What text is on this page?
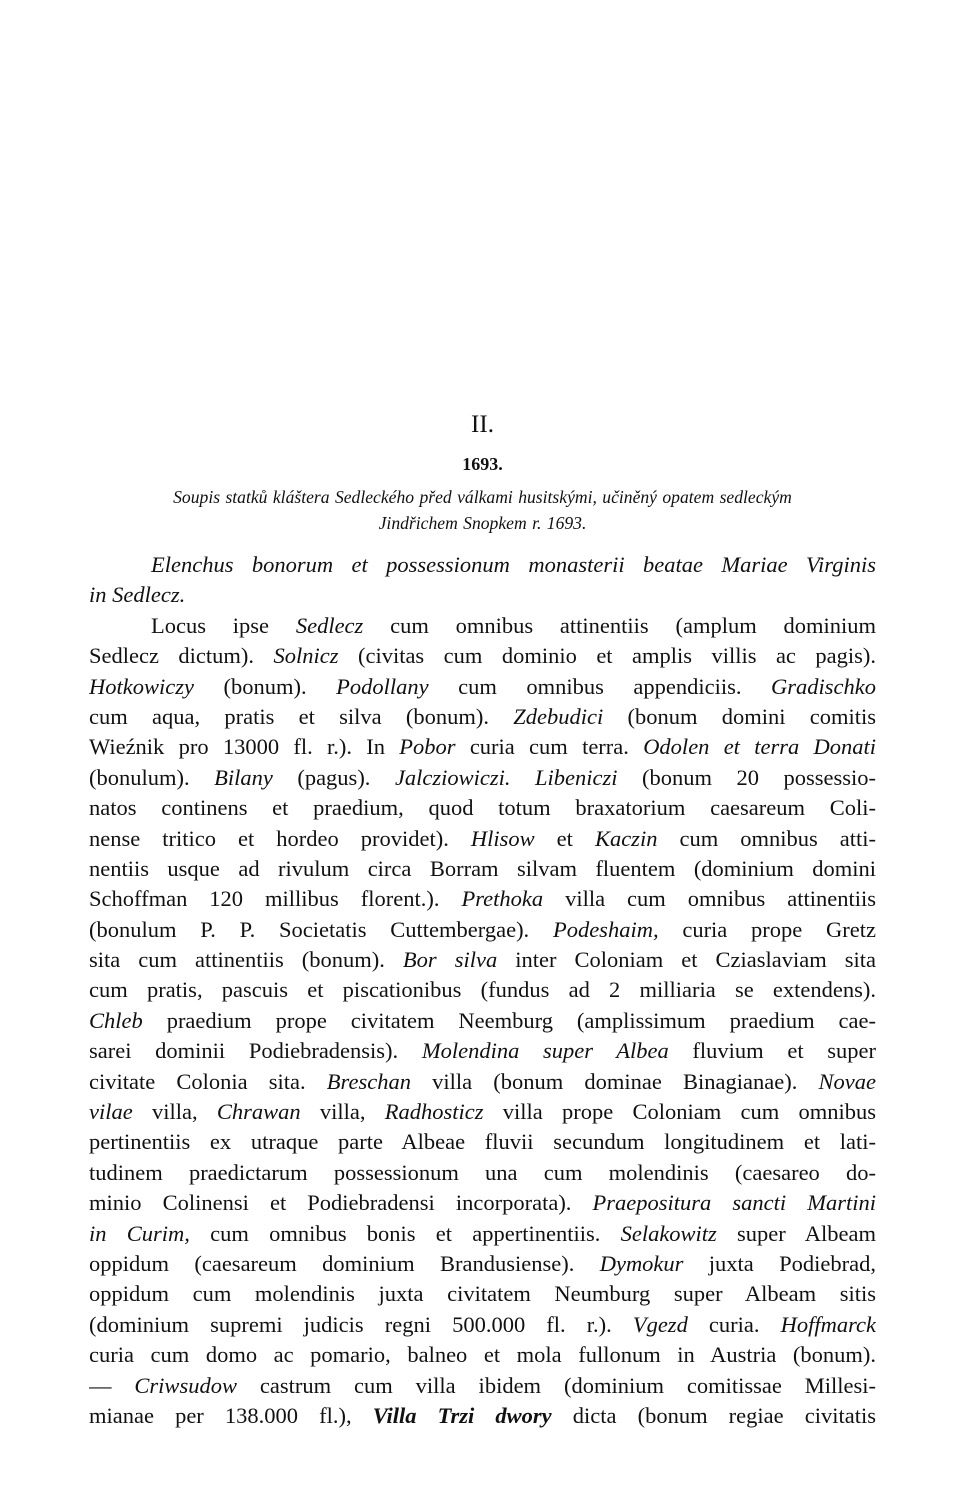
II.

1693.

Soupis statků kláštera Sedleckého před válkami husitskými, učiněný opatem sedleckým
Jindřichem Snopkem r. 1693.
Elenchus bonorum et possessionum monasterii beatae Mariae Virginis
in Sedlecz.
Locus ipse Sedlecz cum omnibus attinentiis (amplum dominium
Sedlecz dictum). Solnicz (civitas cum dominio et amplis villis ac pagis).
Hotkowiczy (bonum). Podollany cum omnibus appendiciis. Gradischko
cum aqua, pratis et silva (bonum). Zdebudici (bonum domini comitis
Wieźnik pro 13000 fl. r.). In Pobor curia cum terra. Odolen et terra Donati
(bonulum). Bilany (pagus). Jalcziowiczi. Libeniczi (bonum 20 possessio-
natos continens et praedium, quod totum braxatorium caesareum Coli-
nense tritico et hordeo providet). Hlisow et Kaczin cum omnibus atti-
nentiis usque ad rivulum circa Borram silvam fluentem (dominium domini
Schoffman 120 millibus florent.). Prethoka villa cum omnibus attinentiis
(bonulum P. P. Societatis Cuttembergae). Podeshaim, curia prope Gretz
sita cum attinentiis (bonum). Bor silva inter Coloniam et Cziaslaviam sita
cum pratis, pascuis et piscationibus (fundus ad 2 milliaria se extendens).
Chleb praedium prope civitatem Neemburg (amplissimum praedium cae-
sarei dominii Podiebradensis). Molendina super Albea fluvium et super
civitate Colonia sita. Breschan villa (bonum dominae Binagianae). Novae
vilae villa, Chrawan villa, Radhosticz villa prope Coloniam cum omnibus
pertinentiis ex utraque parte Albeae fluvii secundum longitudinem et lati-
tudinem praedictarum possessionum una cum molendinis (caesareo do-
minio Colinensi et Podiebradensi incorporata). Praepositura sancti Martini
in Curim, cum omnibus bonis et appertinentiis. Selakowitz super Albeam
oppidum (caesareum dominium Brandusiense). Dymokur juxta Podiebrad,
oppidum cum molendinis juxta civitatem Neumburg super Albeam sitis
(dominium supremi judicis regni 500.000 fl. r.). Vgezd curia. Hoffmarck
curia cum domo ac pomario, balneo et mola fullonum in Austria (bonum).
— Criwsudow castrum cum villa ibidem (dominium comitissae Millesi-
mianae per 138.000 fl.), Villa Trzi dwory dicta (bonum regiae civitatis
